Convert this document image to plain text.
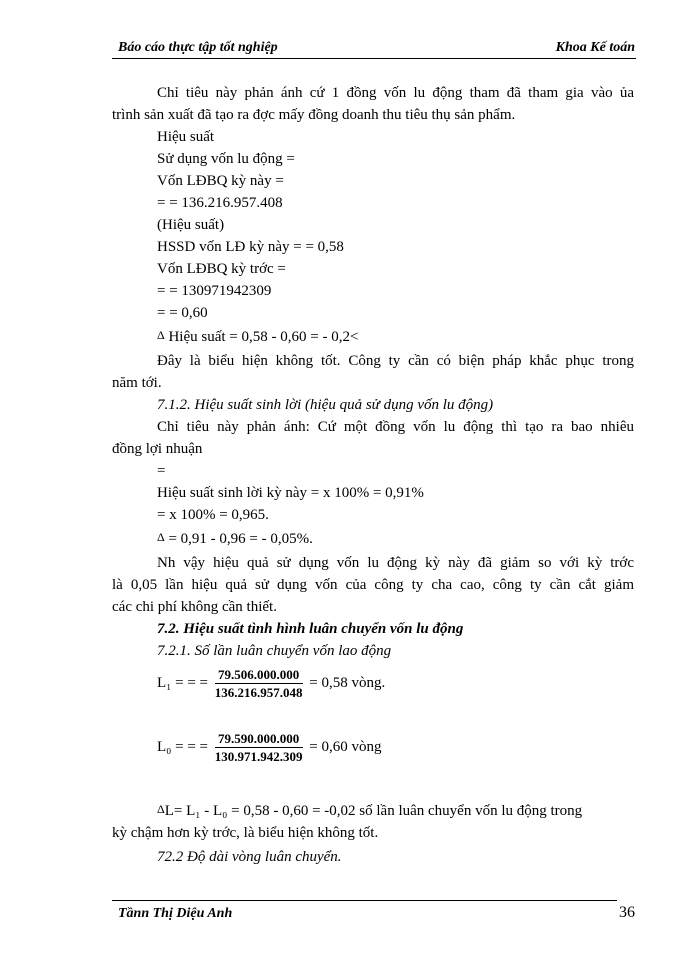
Báo cáo thực tập tốt nghiệp	Khoa Kế toán
Chỉ tiêu này phản ánh cứ 1 đồng vốn lu động tham đã tham gia vào ủa
trình sản xuất đã tạo ra đợc mấy đồng doanh thu tiêu thụ sản phẩm.
Hiệu suất
Sử dụng vốn lu động =
Vốn LĐBQ kỳ này =
= = 136.216.957.408
(Hiệu suất)
HSSD vốn LĐ kỳ này = = 0,58
Vốn LĐBQ kỳ trớc =
= = 130971942309
= = 0,60
Δ Hiệu suất = 0,58 - 0,60 = - 0,2<
Đây là biểu hiện không tốt. Công ty cần có biện pháp khắc phục trong
năm tới.
7.1.2. Hiệu suất sinh lời (hiệu quả sử dụng vốn lu động)
Chỉ tiêu này phản ánh: Cứ một đồng vốn lu động thì tạo ra bao nhiêu
đồng lợi nhuận
=
Hiệu suất sinh lời kỳ này = x 100% = 0,91%
= x 100% = 0,965.
Δ = 0,91 - 0,96 = - 0,05%.
Nh vậy hiệu quả sử dụng vốn lu động kỳ này đã giảm so với kỳ trớc
là 0,05 lần hiệu quả sử dụng vốn của công ty cha cao, công ty cần cắt giảm
các chi phí không cần thiết.
7.2. Hiệu suất tình hình luân chuyển vốn lu động
7.2.1. Số lần luân chuyển vốn lao động
L₁ = = = $\frac{79.506.000.000}{136.216.957.048} = 0,58$ vòng.
L₀ = = = $\frac{79.590.000.000}{130.971.942.309} = 0,60$ vòng
ΔL= L₁ - L₀ = 0,58 - 0,60 = -0,02 số lần luân chuyển vốn lu động trong
kỳ chậm hơn kỳ trớc, là biểu hiện không tốt.
72.2 Độ dài vòng luân chuyển.
Tầnn Thị Diệu Anh	36
